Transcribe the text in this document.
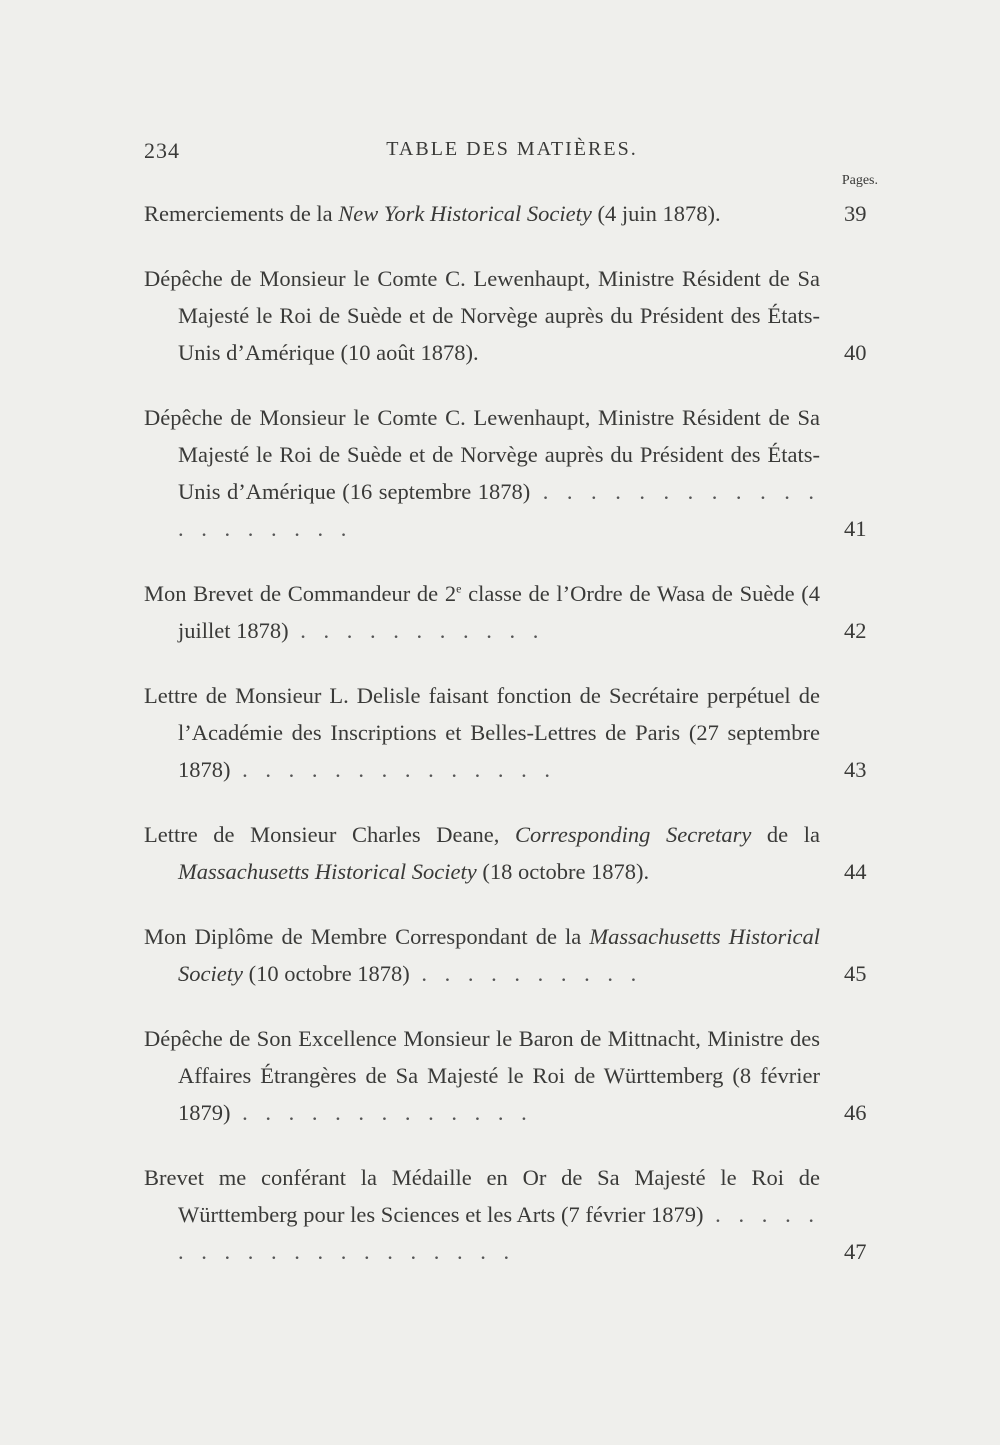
234	TABLE DES MATIÈRES.
Pages.
Remerciements de la New York Historical Society (4 juin 1878).	39
Dépêche de Monsieur le Comte C. Lewenhaupt, Ministre Résident de Sa Majesté le Roi de Suède et de Norvège auprès du Président des États-Unis d’Amérique (10 août 1878).	40
Dépêche de Monsieur le Comte C. Lewenhaupt, Ministre Résident de Sa Majesté le Roi de Suède et de Norvège auprès du Président des États-Unis d’Amérique (16 septembre 1878) . . . . . . . . . . . . . . . . . . . .	41
Mon Brevet de Commandeur de 2e classe de l’Ordre de Wasa de Suède (4 juillet 1878) . . . . . . . . . . .	42
Lettre de Monsieur L. Delisle faisant fonction de Secrétaire perpétuel de l’Académie des Inscriptions et Belles-Lettres de Paris (27 septembre 1878) . . . . . . . . . . . . . .	43
Lettre de Monsieur Charles Deane, Corresponding Secretary de la Massachusetts Historical Society (18 octobre 1878).	44
Mon Diplôme de Membre Correspondant de la Massachusetts Historical Society (10 octobre 1878) . . . . . . . . . .	45
Dépêche de Son Excellence Monsieur le Baron de Mittnacht, Ministre des Affaires Étrangères de Sa Majesté le Roi de Württemberg (8 février 1879) . . . . . . . . . . . . .	46
Brevet me conférant la Médaille en Or de Sa Majesté le Roi de Württemberg pour les Sciences et les Arts (7 février 1879) . . . . . . . . . . . . . . . . . . . .	47
